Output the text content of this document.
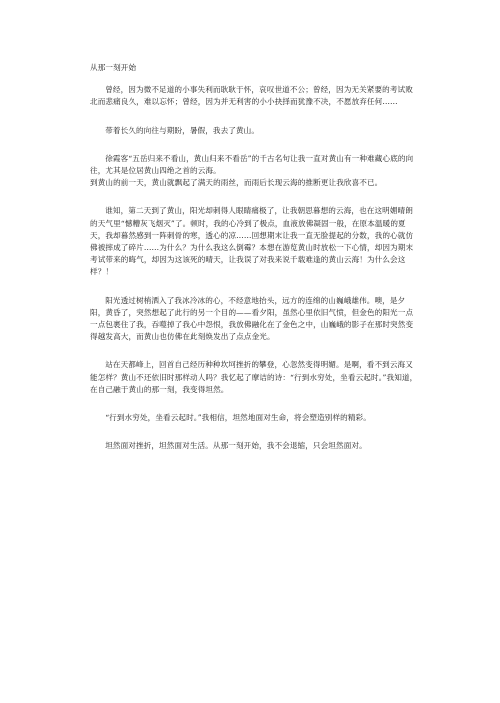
从那一刻开始

曾经，因为微不足道的小事失利而耿耿于怀，哀叹世道不公；曾经，因为无关紧要的考试败北而悲痛良久，难以忘怀；曾经，因为并无利害的小小抉择而犹豫不决，不愿放弃任何……

带着长久的向往与期盼，暑假，我去了黄山。

徐霞客“五岳归来不看山，黄山归来不看岳”的千古名句让我一直对黄山有一种难藏心底的向往，尤其是位居黄山四绝之首的云海。

到黄山的前一天，黄山就飘起了满天的雨丝，而雨后长现云海的推断更让我欣喜不已。

谁知，第二天到了黄山，阳光却刺得人眼睛痛极了，让我朝思暮想的云海，也在这明媚晴朗的天气里“憾糟灰飞烟灭”了。顿时，我的心冷到了极点，血液放佛凝固一般，在原本温暖的夏天，我却暮然感到一阵刺骨的寒，透心的凉……回想期末让我一直无脸提起的分数，我的心就仿佛被摔成了碎片……为什么？为什么我这么倒霉？本想在游览黄山时放松一下心情，却因为期末考试带来的晦气，却因为这该死的晴天，让我误了对我来说千载难逢的黄山云海！为什么会这样？！

阳光透过树梢洒入了我冰冷冰的心，不经意地抬头，远方的连绵的山巍峨雄伟。噢，是夕阳，黄昏了，突然想起了此行的另一个目的——看夕阳，虽然心里依旧气愤，但金色的阳光一点一点包裹住了我，吞噬掉了我心中怨恨，我放佛融化在了金色之中，山巍峨的影子在那时突然变得越发高大，而黄山也仿佛在此刻焕发出了点点金光。

站在天都峰上，回首自己经历种种坎坷挫折的攀登，心忽然变得明媚。是啊，看不到云海又能怎样？黄山不还依旧时那样动人吗？我忆起了摩诘的诗：“行到水穷处，坐看云起时。”我知道，在自己融于黄山的那一刻，我变得坦然。

“行到水穷处，坐看云起时。”我相信，坦然地面对生命，将会塑造别样的精彩。

坦然面对挫折，坦然面对生活。从那一刻开始，我不会退缩，只会坦然面对。
